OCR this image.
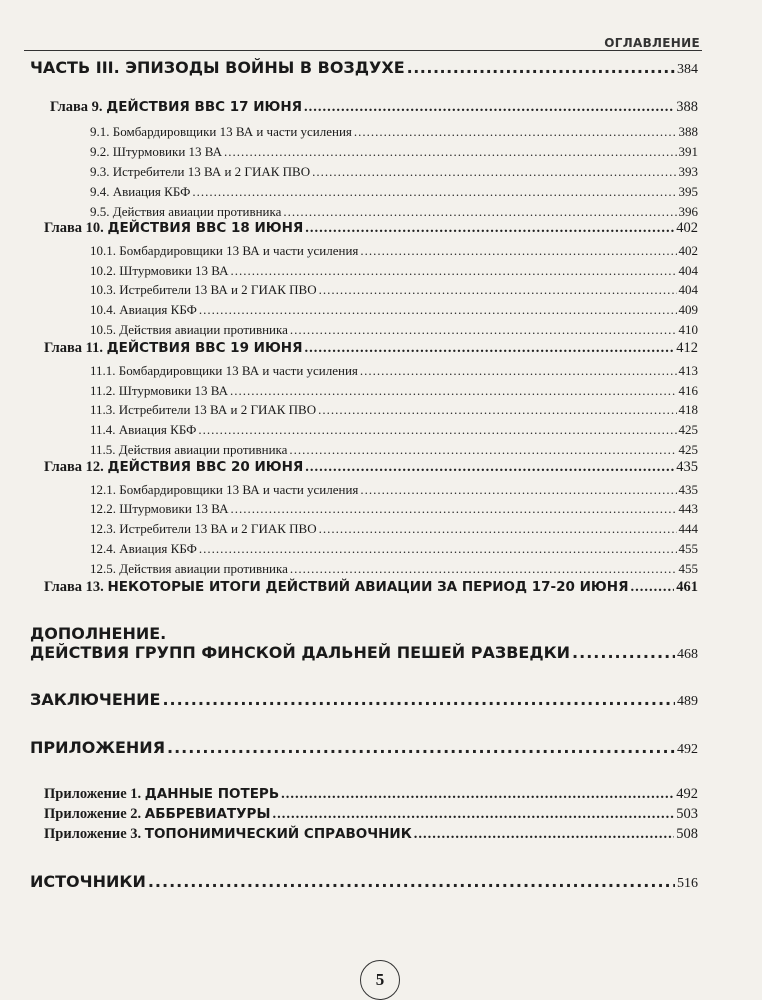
ОГЛАВЛЕНИЕ
ЧАСТЬ III. ЭПИЗОДЫ ВОЙНЫ В ВОЗДУХЕ .....	384
Глава 9. ДЕЙСТВИЯ ВВС 17 ИЮНЯ .....	388
9.1. Бомбардировщики 13 ВА и части усиления .....	388
9.2. Штурмовики 13 ВА .....	391
9.3. Истребители 13 ВА и 2 ГИАК ПВО .....	393
9.4. Авиация КБФ .....	395
9.5. Действия авиации противника .....	396
Глава 10. ДЕЙСТВИЯ ВВС 18 ИЮНЯ .....	402
10.1. Бомбардировщики 13 ВА и части усиления .....	402
10.2. Штурмовики 13 ВА .....	404
10.3. Истребители 13 ВА и 2 ГИАК ПВО .....	404
10.4. Авиация КБФ .....	409
10.5. Действия авиации противника .....	410
Глава 11. ДЕЙСТВИЯ ВВС 19 ИЮНЯ .....	412
11.1. Бомбардировщики 13 ВА и части усиления .....	413
11.2. Штурмовики 13 ВА .....	416
11.3. Истребители 13 ВА и 2 ГИАК ПВО .....	418
11.4. Авиация КБФ .....	425
11.5. Действия авиации противника .....	425
Глава 12. ДЕЙСТВИЯ ВВС 20 ИЮНЯ .....	435
12.1. Бомбардировщики 13 ВА и части усиления .....	435
12.2. Штурмовики 13 ВА .....	443
12.3. Истребители 13 ВА и 2 ГИАК ПВО .....	444
12.4. Авиация КБФ .....	455
12.5. Действия авиации противника .....	455
Глава 13. НЕКОТОРЫЕ ИТОГИ ДЕЙСТВИЙ АВИАЦИИ ЗА ПЕРИОД 17-20 ИЮНЯ .....	461
ДОПОЛНЕНИЕ.
ДЕЙСТВИЯ ГРУПП ФИНСКОЙ ДАЛЬНЕЙ ПЕШЕЙ РАЗВЕДКИ .....	468
ЗАКЛЮЧЕНИЕ .....	489
ПРИЛОЖЕНИЯ .....	492
Приложение 1. ДАННЫЕ ПОТЕРЬ .....	492
Приложение 2. АББРЕВИАТУРЫ .....	503
Приложение 3. ТОПОНИМИЧЕСКИЙ СПРАВОЧНИК .....	508
ИСТОЧНИКИ .....	516
5
